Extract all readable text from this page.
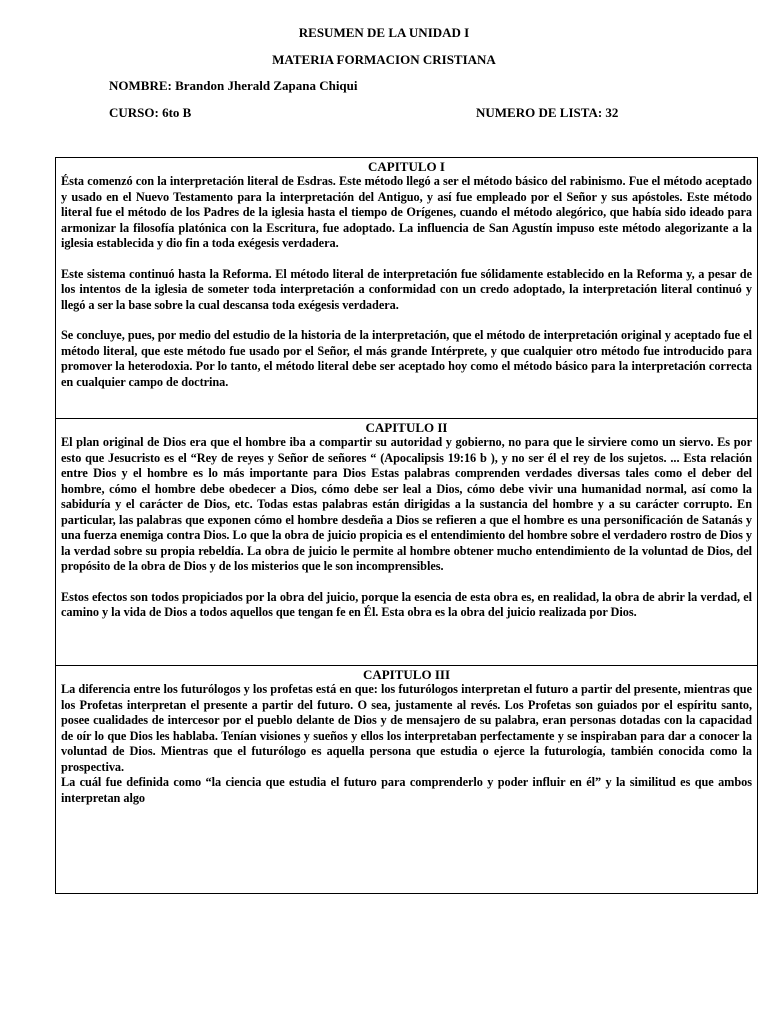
RESUMEN DE LA UNIDAD I
MATERIA FORMACION CRISTIANA
NOMBRE: Brandon Jherald Zapana Chiqui
CURSO: 6to B	NUMERO DE LISTA: 32
CAPITULO I

Ésta comenzó con la interpretación literal de Esdras. Este método llegó a ser el método básico del rabinismo. Fue el método aceptado y usado en el Nuevo Testamento para la interpretación del Antiguo, y así fue empleado por el Señor y sus apóstoles. Este método literal fue el método de los Padres de la iglesia hasta el tiempo de Orígenes, cuando el método alegórico, que había sido ideado para armonizar la filosofía platónica con la Escritura, fue adoptado. La influencia de San Agustín impuso este método alegorizante a la iglesia establecida y dio fin a toda exégesis verdadera.

Este sistema continuó hasta la Reforma. El método literal de interpretación fue sólidamente establecido en la Reforma y, a pesar de los intentos de la iglesia de someter toda interpretación a conformidad con un credo adoptado, la interpretación literal continuó y llegó a ser la base sobre la cual descansa toda exégesis verdadera.

Se concluye, pues, por medio del estudio de la historia de la interpretación, que el método de interpretación original y aceptado fue el método literal, que este método fue usado por el Señor, el más grande Intérprete, y que cualquier otro método fue introducido para promover la heterodoxia. Por lo tanto, el método literal debe ser aceptado hoy como el método básico para la interpretación correcta en cualquier campo de doctrina.

CAPITULO II

El plan original de Dios era que el hombre iba a compartir su autoridad y gobierno, no para que le sirviere como un siervo. Es por esto que Jesucristo es el “Rey de reyes y Señor de señores “ (Apocalipsis 19:16 b ), y no ser él el rey de los sujetos. ... Esta relación entre Dios y el hombre es lo más importante para Dios Estas palabras comprenden verdades diversas tales como el deber del hombre, cómo el hombre debe obedecer a Dios, cómo debe ser leal a Dios, cómo debe vivir una humanidad normal, así como la sabiduría y el carácter de Dios, etc. Todas estas palabras están dirigidas a la sustancia del hombre y a su carácter corrupto. En particular, las palabras que exponen cómo el hombre desdeña a Dios se refieren a que el hombre es una personificación de Satanás y una fuerza enemiga contra Dios. Lo que la obra de juicio propicia es el entendimiento del hombre sobre el verdadero rostro de Dios y la verdad sobre su propia rebeldía. La obra de juicio le permite al hombre obtener mucho entendimiento de la voluntad de Dios, del propósito de la obra de Dios y de los misterios que le son incomprensibles.

Estos efectos son todos propiciados por la obra del juicio, porque la esencia de esta obra es, en realidad, la obra de abrir la verdad, el camino y la vida de Dios a todos aquellos que tengan fe en Él. Esta obra es la obra del juicio realizada por Dios.

CAPITULO III

La diferencia entre los futurólogos y los profetas está en que: los futurólogos interpretan el futuro a partir del presente, mientras que los Profetas interpretan el presente a partir del futuro. O sea, justamente al revés. Los Profetas son guiados por el espíritu santo, posee cualidades de intercesor por el pueblo delante de Dios y de mensajero de su palabra, eran personas dotadas con la capacidad de oír lo que Dios les hablaba. Tenían visiones y sueños y ellos los interpretaban perfectamente y se inspiraban para dar a conocer la voluntad de Dios. Mientras que el futurólogo es aquella persona que estudia o ejerce la futurología, también conocida como la prospectiva.

La cuál fue definida como “la ciencia que estudia el futuro para comprenderlo y poder influir en él” y la similitud es que ambos interpretan algo
